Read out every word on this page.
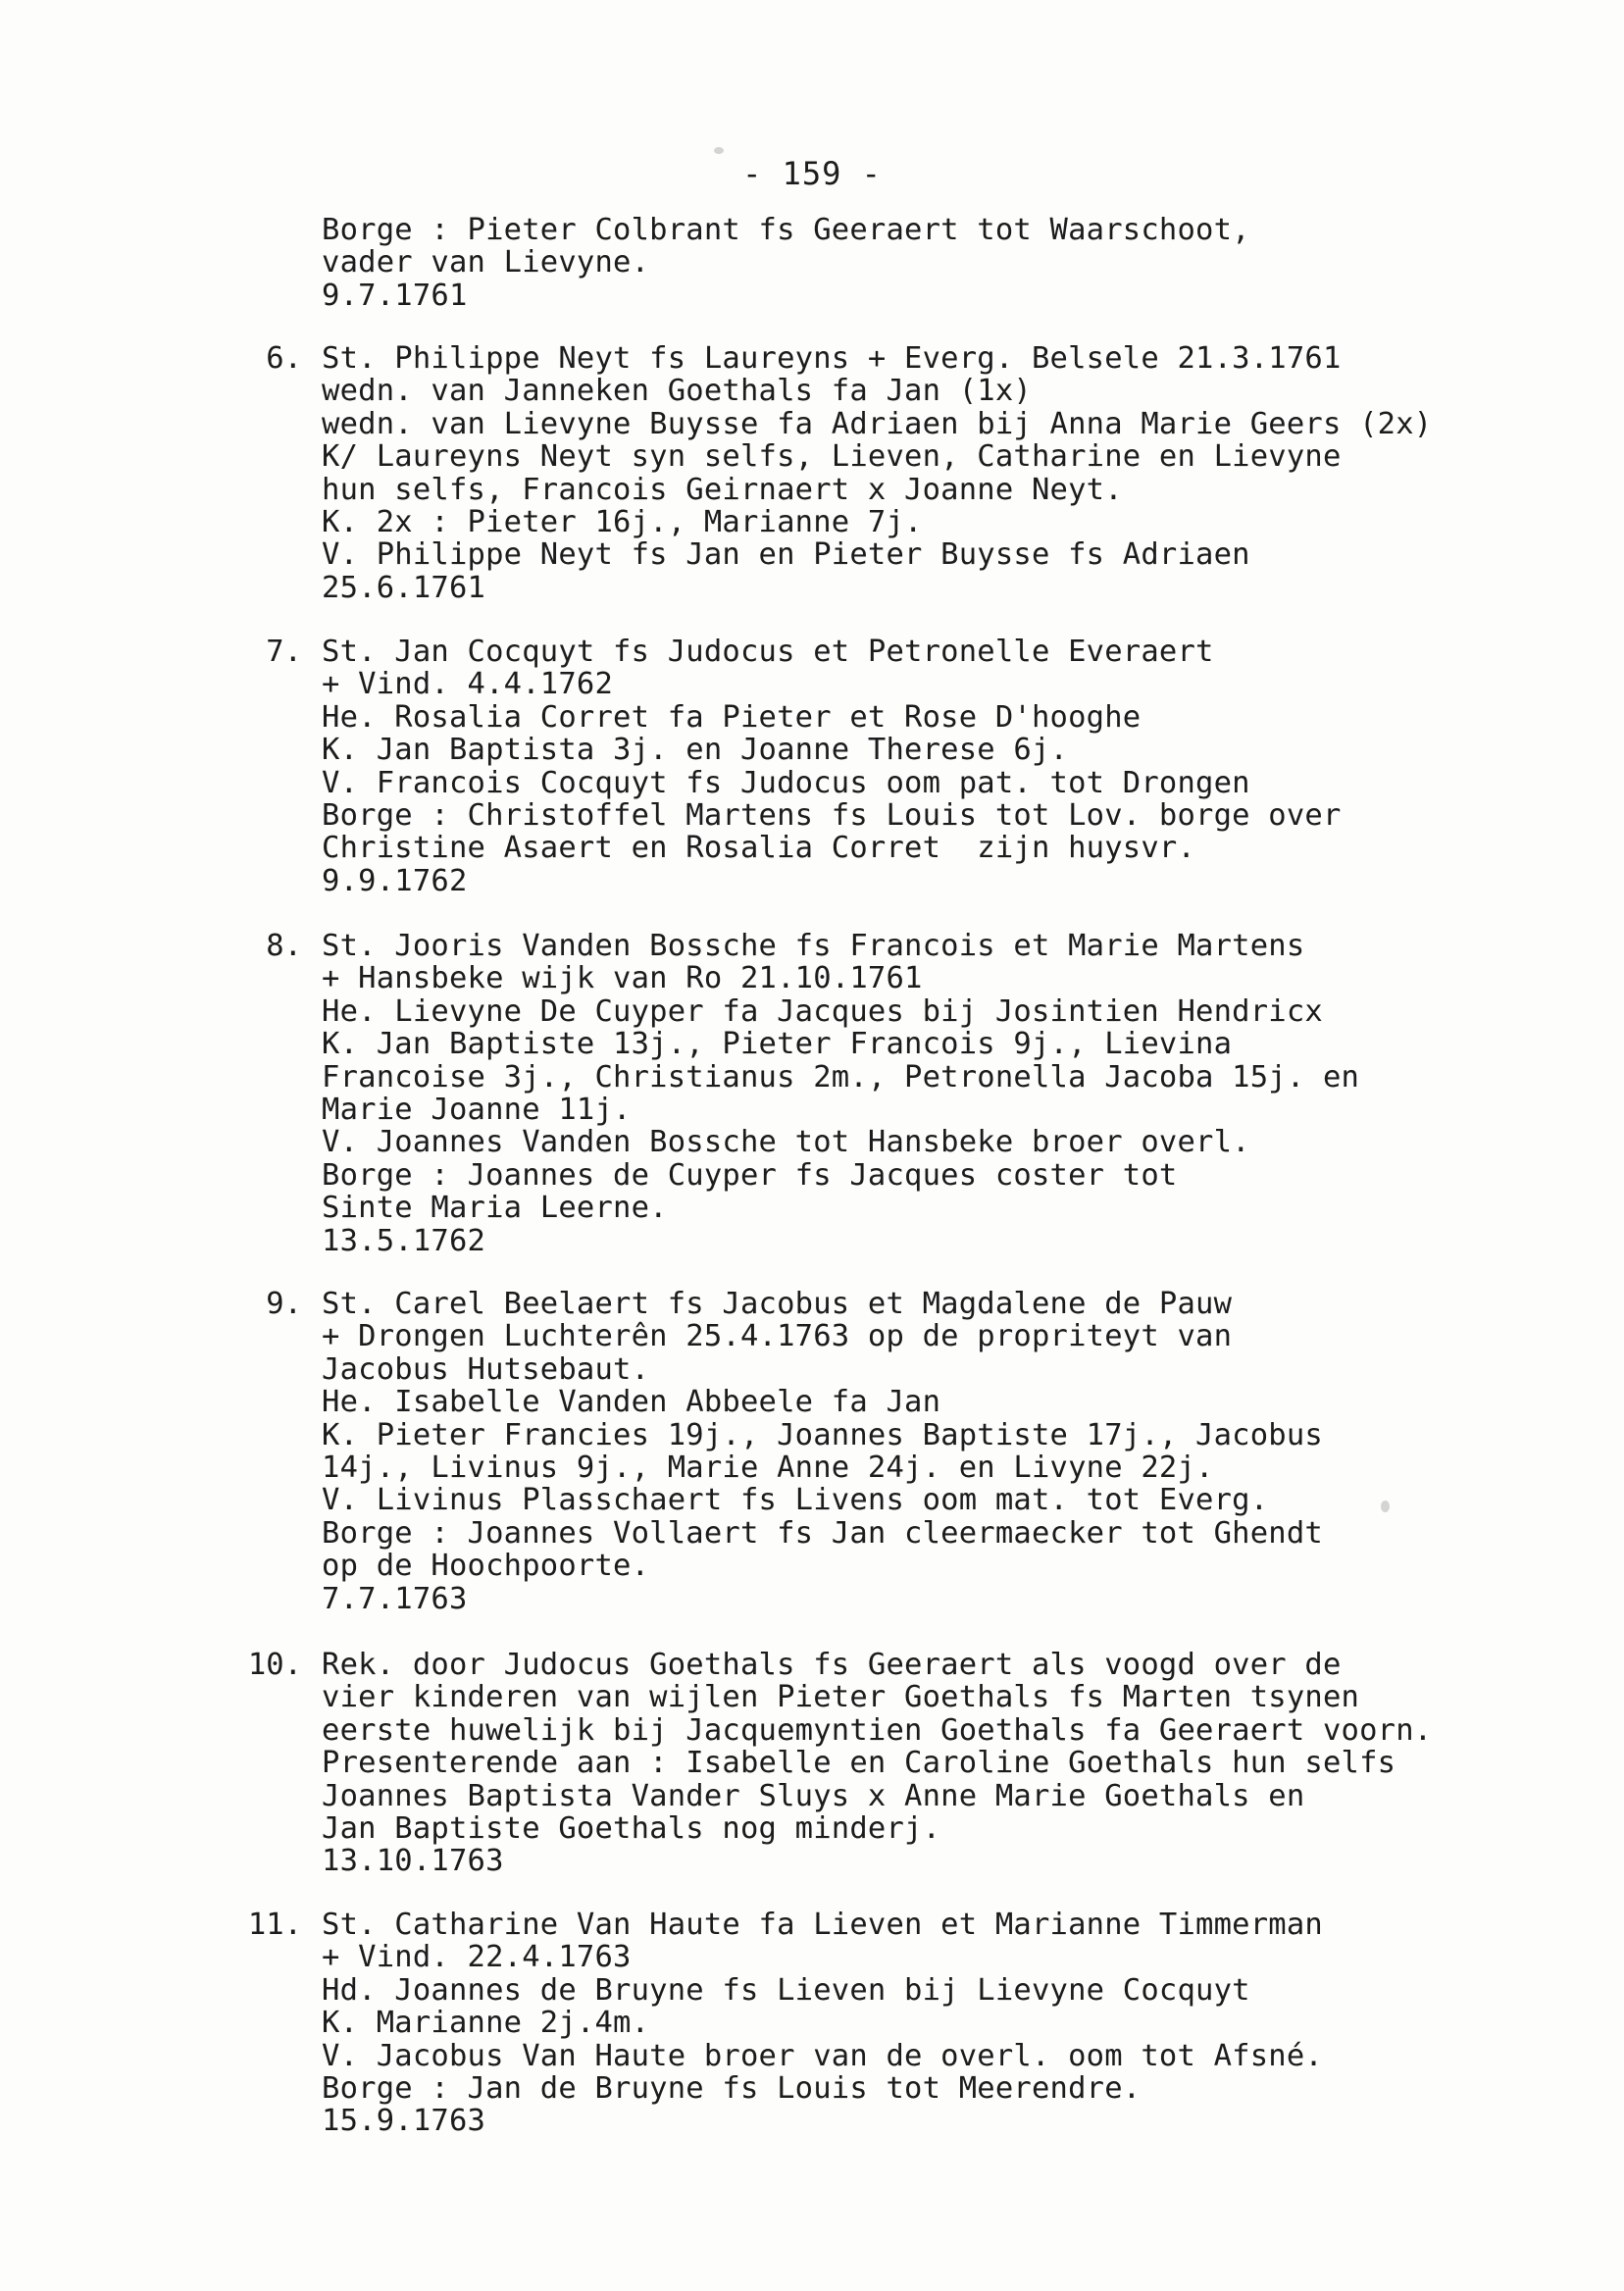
- 159 -
Borge : Pieter Colbrant fs Geeraert tot Waarschoot,
vader van Lievyne.
9.7.1761
6. St. Philippe Neyt fs Laureyns + Everg. Belsele 21.3.1761
wedn. van Janneken Goethals fa Jan (1x)
wedn. van Lievyne Buysse fa Adriaen bij Anna Marie Geers (2x)
K/ Laureyns Neyt syn selfs, Lieven, Catharine en Lievyne
hun selfs, Francois Geirnaert x Joanne Neyt.
K. 2x : Pieter 16j., Marianne 7j.
V. Philippe Neyt fs Jan en Pieter Buysse fs Adriaen
25.6.1761
7. St. Jan Cocquyt fs Judocus et Petronelle Everaert
+ Vind. 4.4.1762
He. Rosalia Corret fa Pieter et Rose D'hooghe
K. Jan Baptista 3j. en Joanne Therese 6j.
V. Francois Cocquyt fs Judocus oom pat. tot Drongen
Borge : Christoffel Martens fs Louis tot Lov. borge over
Christine Asaert en Rosalia Corret  zijn huysvr.
9.9.1762
8. St. Jooris Vanden Bossche fs Francois et Marie Martens
+ Hansbeke wijk van Ro 21.10.1761
He. Lievyne De Cuyper fa Jacques bij Josintien Hendricx
K. Jan Baptiste 13j., Pieter Francois 9j., Lievina
Francoise 3j., Christianus 2m., Petronella Jacoba 15j. en
Marie Joanne 11j.
V. Joannes Vanden Bossche tot Hansbeke broer overl.
Borge : Joannes de Cuyper fs Jacques coster tot
Sinte Maria Leerne.
13.5.1762
9. St. Carel Beelaert fs Jacobus et Magdalene de Pauw
+ Drongen Luchterên 25.4.1763 op de propriteyt van
Jacobus Hutsebaut.
He. Isabelle Vanden Abbeele fa Jan
K. Pieter Francies 19j., Joannes Baptiste 17j., Jacobus
14j., Livinus 9j., Marie Anne 24j. en Livyne 22j.
V. Livinus Plasschaert fs Livens oom mat. tot Everg.
Borge : Joannes Vollaert fs Jan cleermaecker tot Ghendt
op de Hoochpoorte.
7.7.1763
10. Rek. door Judocus Goethals fs Geeraert als voogd over de
vier kinderen van wijlen Pieter Goethals fs Marten tsynen
eerste huwelijk bij Jacquemyntien Goethals fa Geeraert voorn.
Presenterende aan : Isabelle en Caroline Goethals hun selfs
Joannes Baptista Vander Sluys x Anne Marie Goethals en
Jan Baptiste Goethals nog minderj.
13.10.1763
11. St. Catharine Van Haute fa Lieven et Marianne Timmerman
+ Vind. 22.4.1763
Hd. Joannes de Bruyne fs Lieven bij Lievyne Cocquyt
K. Marianne 2j.4m.
V. Jacobus Van Haute broer van de overl. oom tot Afsné.
Borge : Jan de Bruyne fs Louis tot Meerendre.
15.9.1763
